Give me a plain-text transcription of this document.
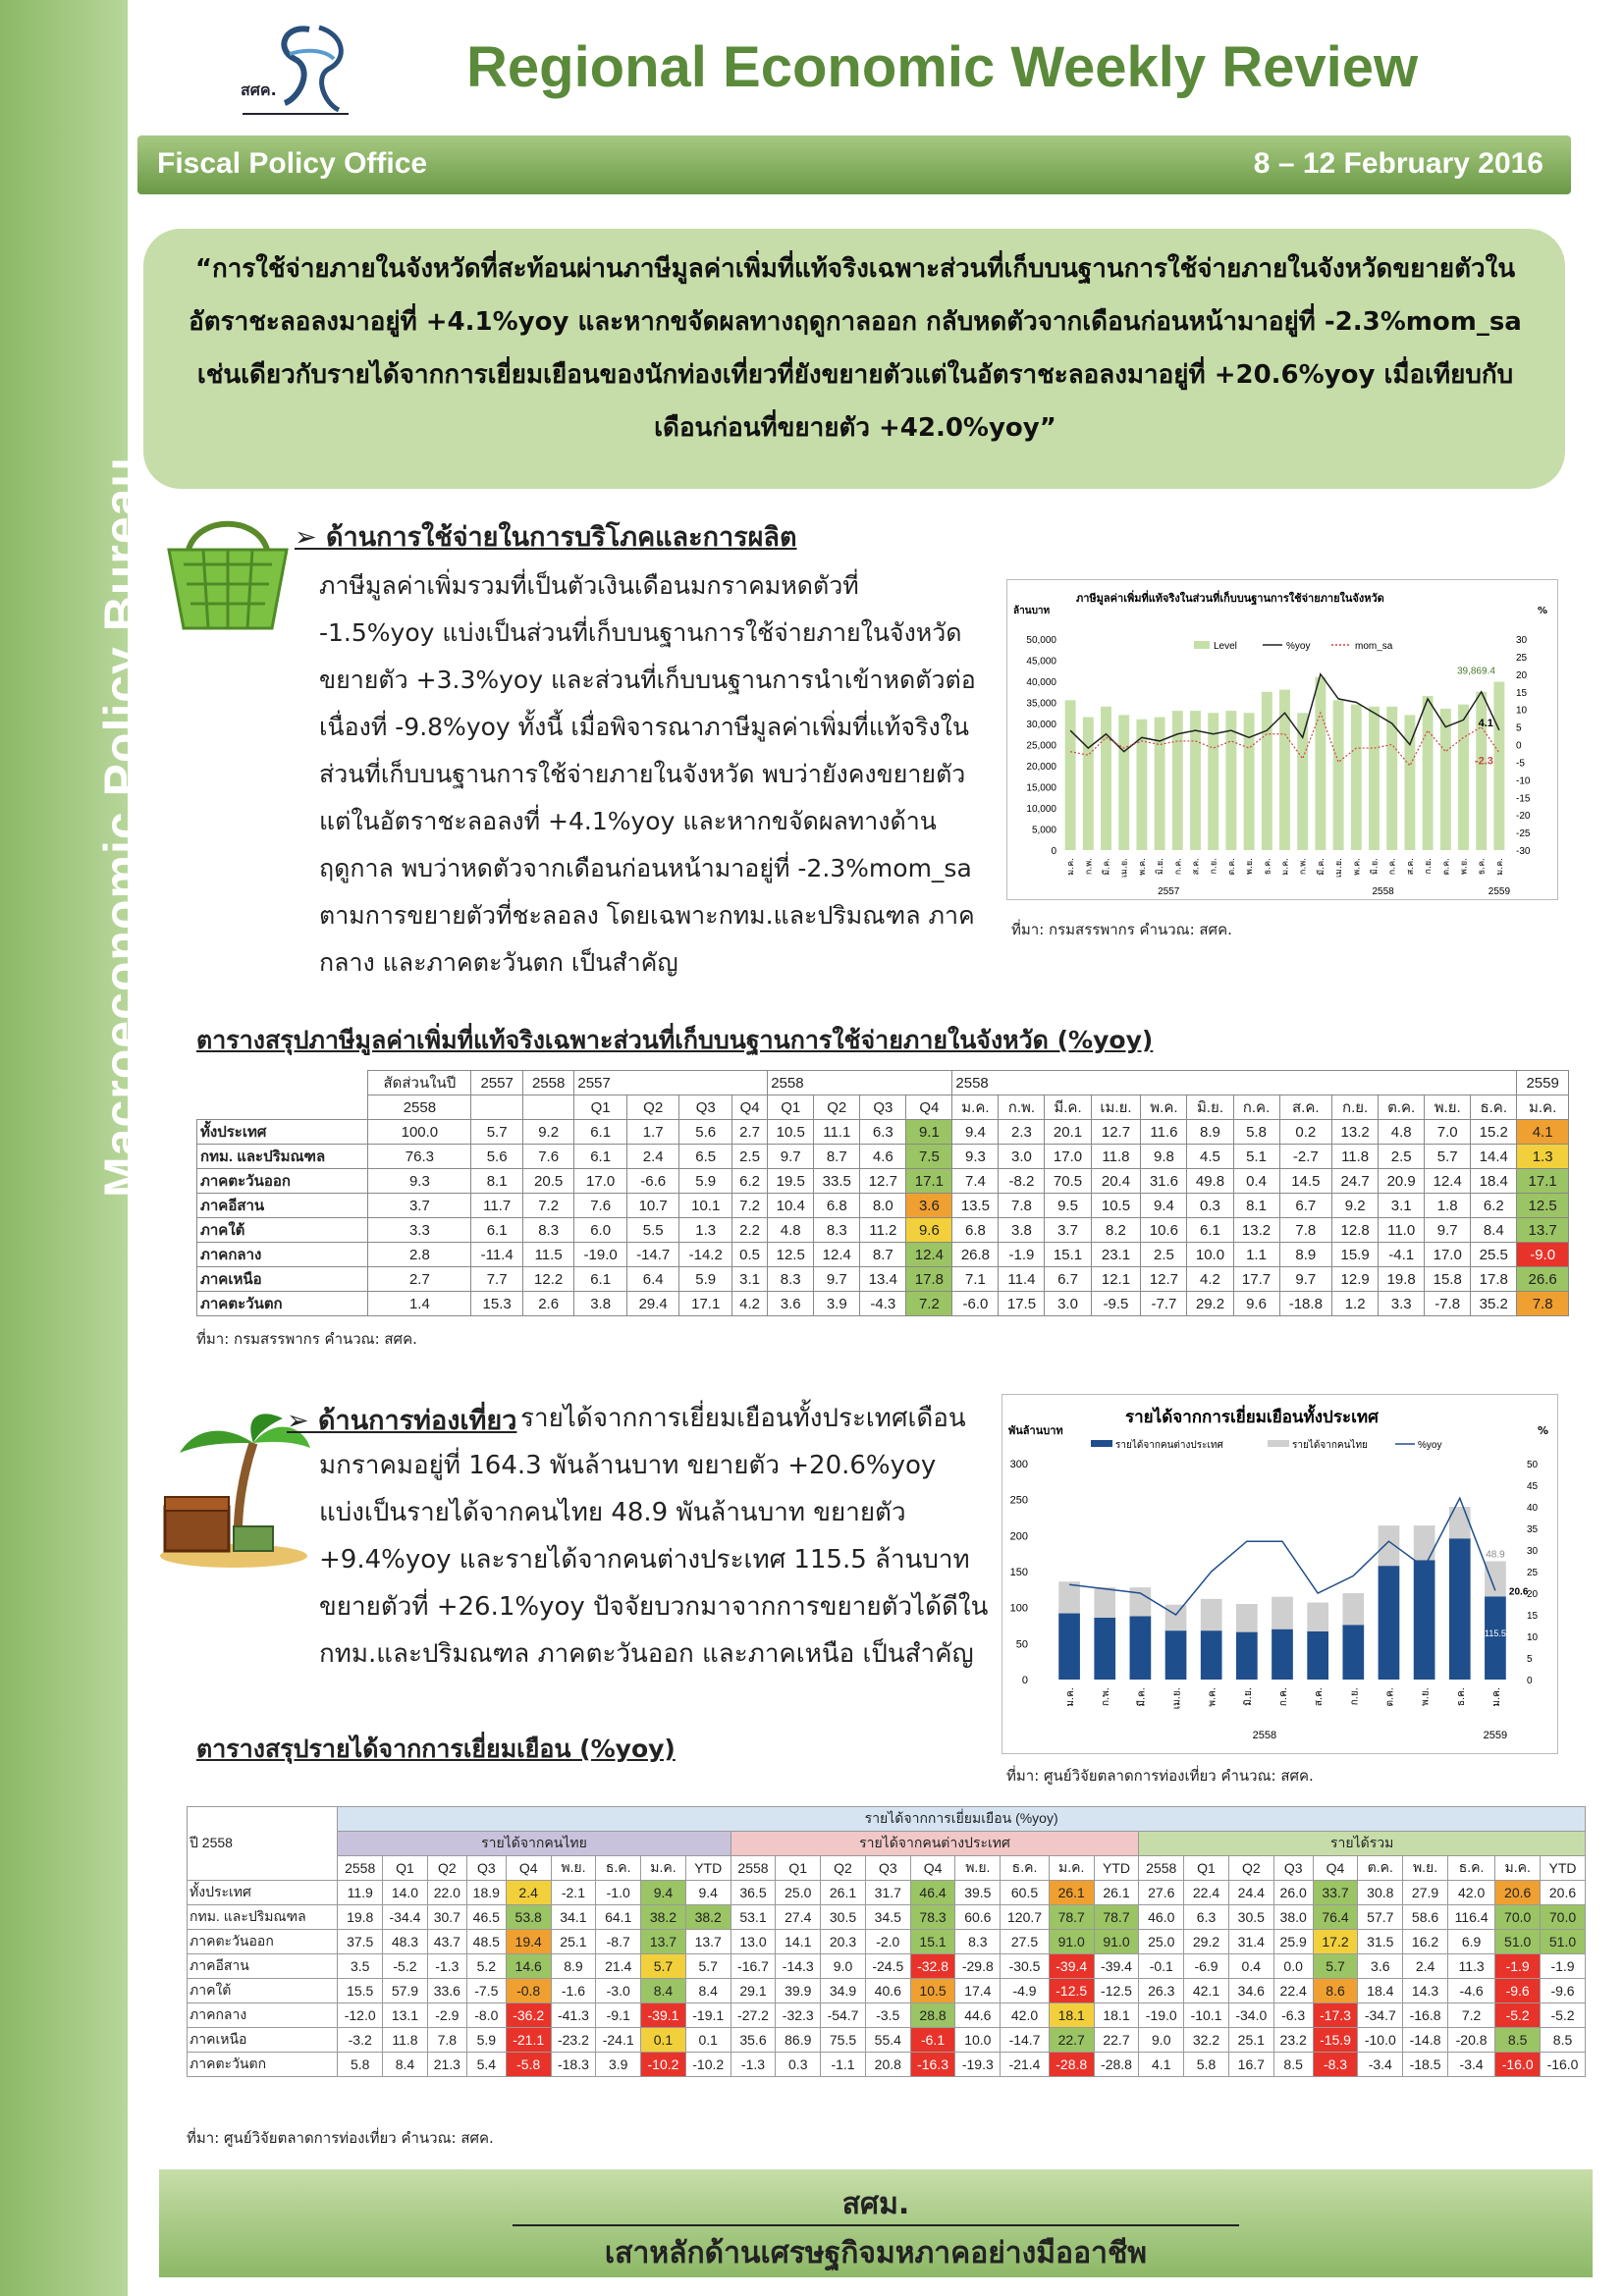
Macroeconomic Policy Bureau
สศค.	Regional Economic Weekly Review
Fiscal Policy Office	8 – 12 February 2016

“การใช้จ่ายภายในจังหวัดที่สะท้อนผ่านภาษีมูลค่าเพิ่มที่แท้จริงเฉพาะส่วนที่เก็บบนฐานการใช้จ่ายภายในจังหวัดขยายตัวในอัตราชะลอลงมาอยู่ที่ +4.1%yoy และหากขจัดผลทางฤดูกาลออก กลับหดตัวจากเดือนก่อนหน้ามาอยู่ที่ -2.3%mom_sa เช่นเดียวกับรายได้จากการเยี่ยมเยือนของนักท่องเที่ยวที่ยังขยายตัวแต่ในอัตราชะลอลงมาอยู่ที่ +20.6%yoy เมื่อเทียบกับเดือนก่อนที่ขยายตัว +42.0%yoy”

➢ ด้านการใช้จ่ายในการบริโภคและการผลิต

ภาษีมูลค่าเพิ่มรวมที่เป็นตัวเงินเดือนมกราคมหดตัวที่ -1.5%yoy แบ่งเป็นส่วนที่เก็บบนฐานการใช้จ่ายภายในจังหวัดขยายตัว +3.3%yoy และส่วนที่เก็บบนฐานการนำเข้าหดตัวต่อเนื่องที่ -9.8%yoy ทั้งนี้ เมื่อพิจารณาภาษีมูลค่าเพิ่มที่แท้จริงในส่วนที่เก็บบนฐานการใช้จ่ายภายในจังหวัด พบว่ายังคงขยายตัวแต่ในอัตราชะลอลงที่ +4.1%yoy และหากขจัดผลทางด้านฤดูกาล พบว่าหดตัวจากเดือนก่อนหน้ามาอยู่ที่ -2.3%mom_sa ตามการขยายตัวที่ชะลอลง โดยเฉพาะกทม.และปริมณฑล ภาคกลาง และภาคตะวันตก เป็นสำคัญ

ภาษีมูลค่าเพิ่มที่แท้จริงในส่วนที่เก็บบนฐานการใช้จ่ายภายในจังหวัด
ล้านบาท	%
50,000
45,000
40,000
35,000
30,000
25,000
20,000
15,000
10,000
5,000
0
30
25
20
15
10
5
0
-5
-10
-15
-20
-25
-30
Level	%yoy	mom_sa
39,869.4
4.1
-2.3
ม.ค. ก.พ. มี.ค. เม.ย. พ.ค. มิ.ย. ก.ค. ส.ค. ก.ย. ต.ค. พ.ย. ธ.ค. ม.ค. ก.พ. มี.ค. เม.ย. พ.ค. มิ.ย. ก.ค. ส.ค. ก.ย. ต.ค. พ.ย. ธ.ค. ม.ค.
2557	2558	2559
ที่มา: กรมสรรพากร คำนวณ: สศค.
ตารางสรุปภาษีมูลค่าเพิ่มที่แท้จริงเฉพาะส่วนที่เก็บบนฐานการใช้จ่ายภายในจังหวัด (%yoy)
	สัดส่วนในปี	2557	2558	2557				2558				2558												2559
	2558			Q1	Q2	Q3	Q4	Q1	Q2	Q3	Q4	ม.ค.	ก.พ.	มี.ค.	เม.ย.	พ.ค.	มิ.ย.	ก.ค.	ส.ค.	ก.ย.	ต.ค.	พ.ย.	ธ.ค.	ม.ค.
ทั้งประเทศ	100.0	5.7	9.2	6.1	1.7	5.6	2.7	10.5	11.1	6.3	9.1	9.4	2.3	20.1	12.7	11.6	8.9	5.8	0.2	13.2	4.8	7.0	15.2	4.1
กทม. และปริมณฑล	76.3	5.6	7.6	6.1	2.4	6.5	2.5	9.7	8.7	4.6	7.5	9.3	3.0	17.0	11.8	9.8	4.5	5.1	-2.7	11.8	2.5	5.7	14.4	1.3
ภาคตะวันออก	9.3	8.1	20.5	17.0	-6.6	5.9	6.2	19.5	33.5	12.7	17.1	7.4	-8.2	70.5	20.4	31.6	49.8	0.4	14.5	24.7	20.9	12.4	18.4	17.1
ภาคอีสาน	3.7	11.7	7.2	7.6	10.7	10.1	7.2	10.4	6.8	8.0	3.6	13.5	7.8	9.5	10.5	9.4	0.3	8.1	6.7	9.2	3.1	1.8	6.2	12.5
ภาคใต้	3.3	6.1	8.3	6.0	5.5	1.3	2.2	4.8	8.3	11.2	9.6	6.8	3.8	3.7	8.2	10.6	6.1	13.2	7.8	12.8	11.0	9.7	8.4	13.7
ภาคกลาง	2.8	-11.4	11.5	-19.0	-14.7	-14.2	0.5	12.5	12.4	8.7	12.4	26.8	-1.9	15.1	23.1	2.5	10.0	1.1	8.9	15.9	-4.1	17.0	25.5	-9.0
ภาคเหนือ	2.7	7.7	12.2	6.1	6.4	5.9	3.1	8.3	9.7	13.4	17.8	7.1	11.4	6.7	12.1	12.7	4.2	17.7	9.7	12.9	19.8	15.8	17.8	26.6
ภาคตะวันตก	1.4	15.3	2.6	3.8	29.4	17.1	4.2	3.6	3.9	-4.3	7.2	-6.0	17.5	3.0	-9.5	-7.7	29.2	9.6	-18.8	1.2	3.3	-7.8	35.2	7.8
ที่มา: กรมสรรพากร คำนวณ: สศค.
➢ ด้านการท่องเที่ยว รายได้จากการเยี่ยมเยือนทั้งประเทศเดือน
มกราคมอยู่ที่ 164.3 พันล้านบาท ขยายตัว +20.6%yoy
แบ่งเป็นรายได้จากคนไทย 48.9 พันล้านบาท ขยายตัว
+9.4%yoy และรายได้จากคนต่างประเทศ 115.5 ล้านบาท
ขยายตัวที่ +26.1%yoy ปัจจัยบวกมาจากการขยายตัวได้ดีใน
กทม.และปริมณฑล ภาคตะวันออก และภาคเหนือ เป็นสำคัญ
รายได้จากการเยี่ยมเยือนทั้งประเทศ
พันล้านบาท	%
300
250
200
150
100
50
0
50
45
40
35
30
25
20
15
10
5
0
รายได้จากคนต่างประเทศ	รายได้จากคนไทย	%yoy
48.9
20.6
115.5
ม.ค.	ก.พ.	มี.ค.	เม.ย.	พ.ค.	มิ.ย.	ก.ค.	ส.ค.	ก.ย.	ต.ค.	พ.ย.	ธ.ค.	ม.ค.
2558	2559
ที่มา: ศูนย์วิจัยตลาดการท่องเที่ยว คำนวณ: สศค.
ตารางสรุปรายได้จากการเยี่ยมเยือน (%yoy)
ปี 2558	รายได้จากการเยี่ยมเยือน (%yoy)																											
	รายได้จากคนไทย									รายได้จากคนต่างประเทศ									รายได้รวม									
	2558	Q1	Q2	Q3	Q4	พ.ย.	ธ.ค.	ม.ค.	YTD	2558	Q1	Q2	Q3	Q4	พ.ย.	ธ.ค.	ม.ค.	YTD	2558	Q1	Q2	Q3	Q4	ต.ค.	พ.ย.	ธ.ค.	ม.ค.	YTD
ทั้งประเทศ	11.9	14.0	22.0	18.9	2.4	-2.1	-1.0	9.4	9.4	36.5	25.0	26.1	31.7	46.4	39.5	60.5	26.1	26.1	27.6	22.4	24.4	26.0	33.7	30.8	27.9	42.0	20.6	20.6
กทม. และปริมณฑล	19.8	-34.4	30.7	46.5	53.8	34.1	64.1	38.2	38.2	53.1	27.4	30.5	34.5	78.3	60.6	120.7	78.7	78.7	46.0	6.3	30.5	38.0	76.4	57.7	58.6	116.4	70.0	70.0
ภาคตะวันออก	37.5	48.3	43.7	48.5	19.4	25.1	-8.7	13.7	13.7	13.0	14.1	20.3	-2.0	15.1	8.3	27.5	91.0	91.0	25.0	29.2	31.4	25.9	17.2	31.5	16.2	6.9	51.0	51.0
ภาคอีสาน	3.5	-5.2	-1.3	5.2	14.6	8.9	21.4	5.7	5.7	-16.7	-14.3	9.0	-24.5	-32.8	-29.8	-30.5	-39.4	-39.4	-0.1	-6.9	0.4	0.0	5.7	3.6	2.4	11.3	-1.9	-1.9
ภาคใต้	15.5	57.9	33.6	-7.5	-0.8	-1.6	-3.0	8.4	8.4	29.1	39.9	34.9	40.6	10.5	17.4	-4.9	-12.5	-12.5	26.3	42.1	34.6	22.4	8.6	18.4	14.3	-4.6	-9.6	-9.6
ภาคกลาง	-12.0	13.1	-2.9	-8.0	-36.2	-41.3	-9.1	-39.1	-19.1	-27.2	-32.3	-54.7	-3.5	28.8	44.6	42.0	18.1	18.1	-19.0	-10.1	-34.0	-6.3	-17.3	-34.7	-16.8	7.2	-5.2	-5.2
ภาคเหนือ	-3.2	11.8	7.8	5.9	-21.1	-23.2	-24.1	0.1	0.1	35.6	86.9	75.5	55.4	-6.1	10.0	-14.7	22.7	22.7	9.0	32.2	25.1	23.2	-15.9	-10.0	-14.8	-20.8	8.5	8.5
ภาคตะวันตก	5.8	8.4	21.3	5.4	-5.8	-18.3	3.9	-10.2	-10.2	-1.3	0.3	-1.1	20.8	-16.3	-19.3	-21.4	-28.8	-28.8	4.1	5.8	16.7	8.5	-8.3	-3.4	-18.5	-3.4	-16.0	-16.0
ที่มา: ศูนย์วิจัยตลาดการท่องเที่ยว คำนวณ: สศค.
สศม.
เสาหลักด้านเศรษฐกิจมหภาคอย่างมืออาชีพ
